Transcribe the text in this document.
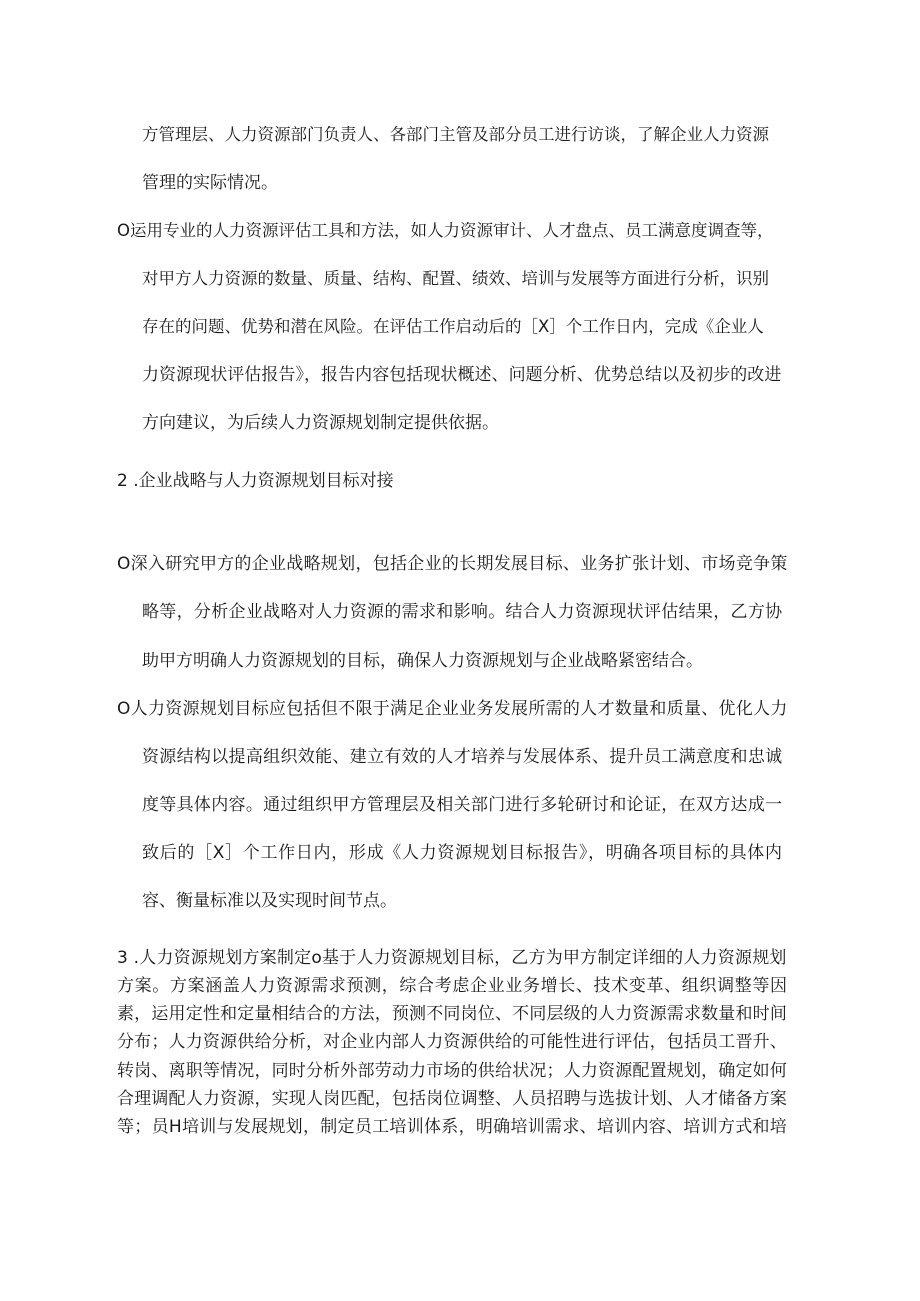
方管理层、人力资源部门负责人、各部门主管及部分员工进行访谈，了解企业人力资源
管理的实际情况。
O运用专业的人力资源评估工具和方法，如人力资源审计、人才盘点、员工满意度调查等，
对甲方人力资源的数量、质量、结构、配置、绩效、培训与发展等方面进行分析，识别
存在的问题、优势和潜在风险。在评估工作启动后的［X］个工作日内，完成《企业人
力资源现状评估报告》，报告内容包括现状概述、问题分析、优势总结以及初步的改进
方向建议，为后续人力资源规划制定提供依据。
2 .企业战略与人力资源规划目标对接
O深入研究甲方的企业战略规划，包括企业的长期发展目标、业务扩张计划、市场竞争策
略等，分析企业战略对人力资源的需求和影响。结合人力资源现状评估结果，乙方协
助甲方明确人力资源规划的目标，确保人力资源规划与企业战略紧密结合。
O人力资源规划目标应包括但不限于满足企业业务发展所需的人才数量和质量、优化人力
资源结构以提高组织效能、建立有效的人才培养与发展体系、提升员工满意度和忠诚
度等具体内容。通过组织甲方管理层及相关部门进行多轮研讨和论证，在双方达成一
致后的［X］个工作日内，形成《人力资源规划目标报告》，明确各项目标的具体内
容、衡量标准以及实现时间节点。
3 .人力资源规划方案制定o基于人力资源规划目标，乙方为甲方制定详细的人力资源规划
方案。方案涵盖人力资源需求预测，综合考虑企业业务增长、技术变革、组织调整等因
素，运用定性和定量相结合的方法，预测不同岗位、不同层级的人力资源需求数量和时间
分布；人力资源供给分析，对企业内部人力资源供给的可能性进行评估，包括员工晋升、
转岗、离职等情况，同时分析外部劳动力市场的供给状况；人力资源配置规划，确定如何
合理调配人力资源，实现人岗匹配，包括岗位调整、人员招聘与选拔计划、人才储备方案
等；员H培训与发展规划，制定员工培训体系，明确培训需求、培训内容、培训方式和培
